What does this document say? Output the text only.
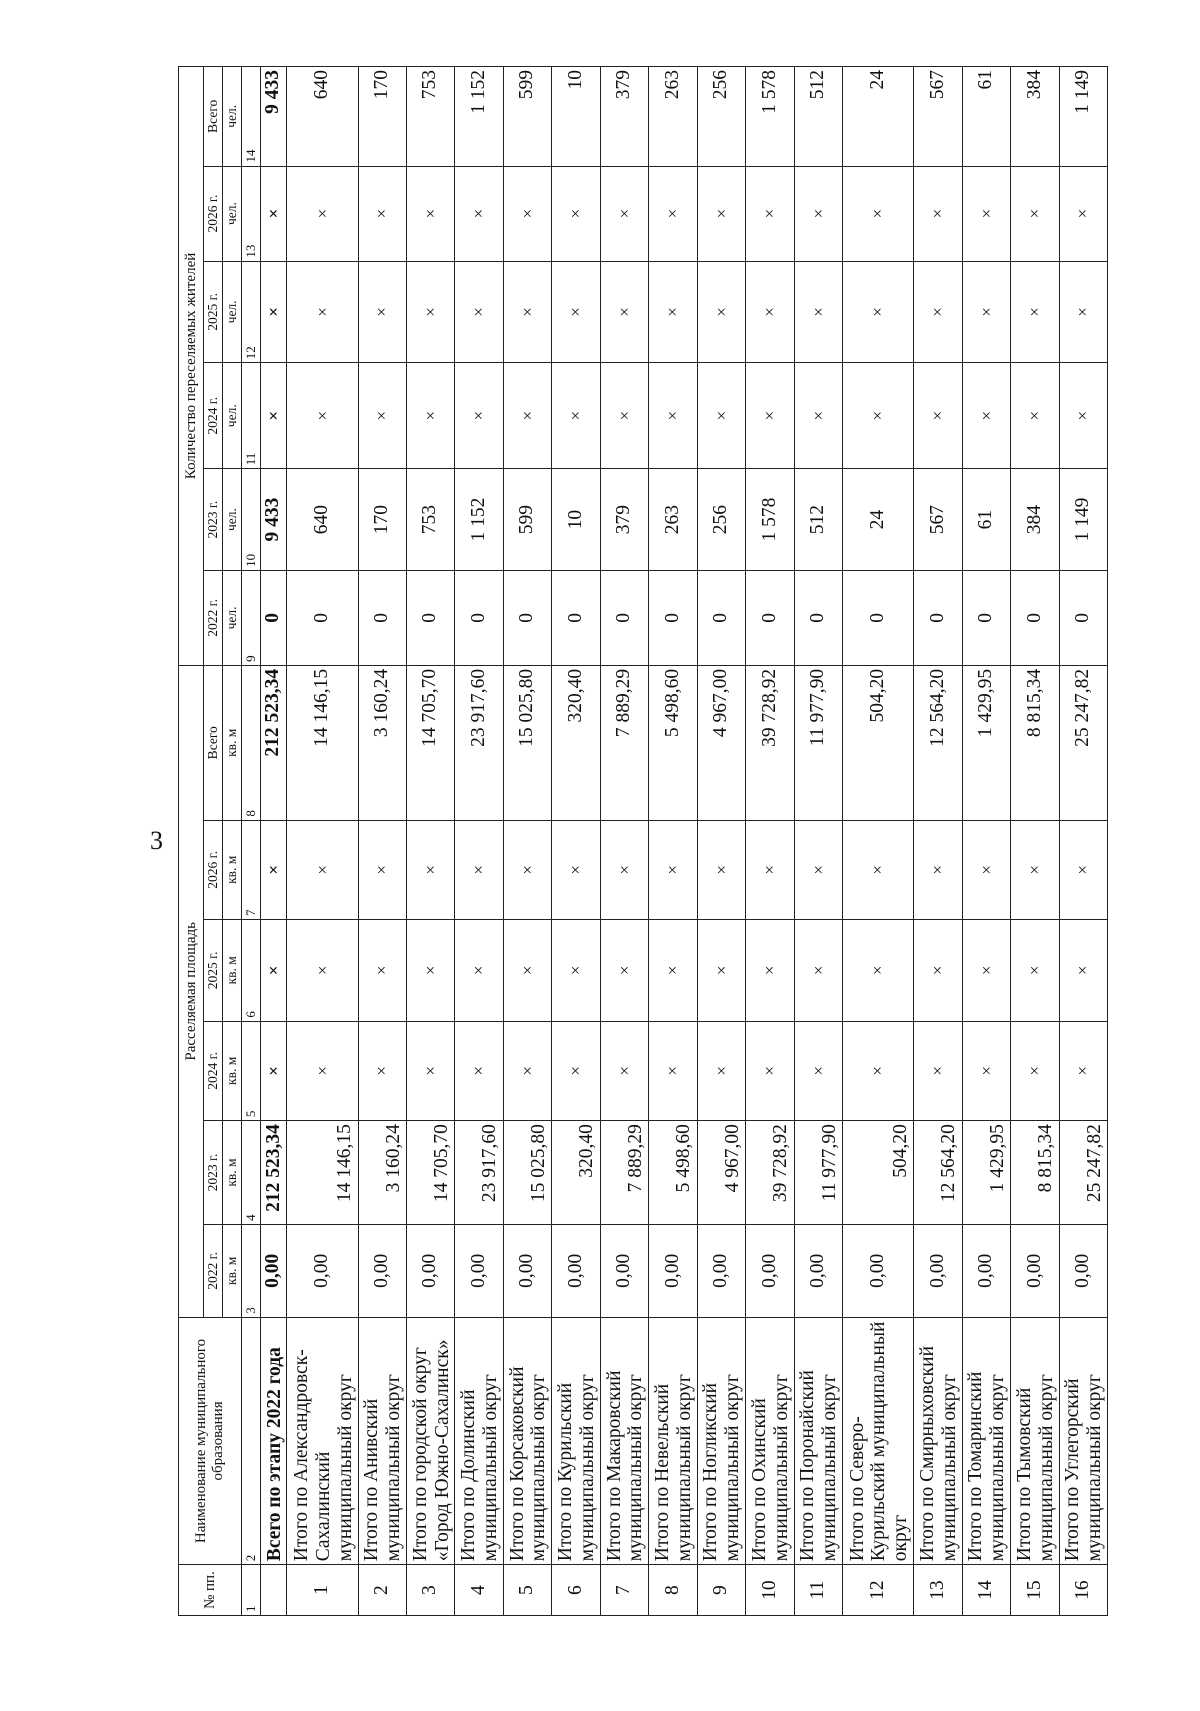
3
№ пп.	Наименование муниципального образования	Расселяемая площадь						Количество переселяемых жителей					
		2022 г.	2023 г.	2024 г.	2025 г.	2026 г.	Всего	2022 г.	2023 г.	2024 г.	2025 г.	2026 г.	Всего
		кв. м	кв. м	кв. м	кв. м	кв. м	кв. м	чел.	чел.	чел.	чел.	чел.	чел.
1	2	3	4	5	6	7	8	9	10	11	12	13	14
	Всего по этапу 2022 года	0,00	212 523,34	×	×	×	212 523,34	0	9 433	×	×	×	9 433
1	Итого по Александровск-Сахалинский муниципальный округ	0,00	14 146,15	×	×	×	14 146,15	0	640	×	×	×	640
2	Итого по Анивский муниципальный округ	0,00	3 160,24	×	×	×	3 160,24	0	170	×	×	×	170
3	Итого по городской округ «Город Южно-Сахалинск»	0,00	14 705,70	×	×	×	14 705,70	0	753	×	×	×	753
4	Итого по Долинский муниципальный округ	0,00	23 917,60	×	×	×	23 917,60	0	1 152	×	×	×	1 152
5	Итого по Корсаковский муниципальный округ	0,00	15 025,80	×	×	×	15 025,80	0	599	×	×	×	599
6	Итого по Курильский муниципальный округ	0,00	320,40	×	×	×	320,40	0	10	×	×	×	10
7	Итого по Макаровский муниципальный округ	0,00	7 889,29	×	×	×	7 889,29	0	379	×	×	×	379
8	Итого по Невельский муниципальный округ	0,00	5 498,60	×	×	×	5 498,60	0	263	×	×	×	263
9	Итого по Ногликский муниципальный округ	0,00	4 967,00	×	×	×	4 967,00	0	256	×	×	×	256
10	Итого по Охинский муниципальный округ	0,00	39 728,92	×	×	×	39 728,92	0	1 578	×	×	×	1 578
11	Итого по Поронайский муниципальный округ	0,00	11 977,90	×	×	×	11 977,90	0	512	×	×	×	512
12	Итого по Северо-Курильский муниципальный округ	0,00	504,20	×	×	×	504,20	0	24	×	×	×	24
13	Итого по Смирныховский муниципальный округ	0,00	12 564,20	×	×	×	12 564,20	0	567	×	×	×	567
14	Итого по Томаринский муниципальный округ	0,00	1 429,95	×	×	×	1 429,95	0	61	×	×	×	61
15	Итого по Тымовский муниципальный округ	0,00	8 815,34	×	×	×	8 815,34	0	384	×	×	×	384
16	Итого по Углегорский муниципальный округ	0,00	25 247,82	×	×	×	25 247,82	0	1 149	×	×	×	1 149
